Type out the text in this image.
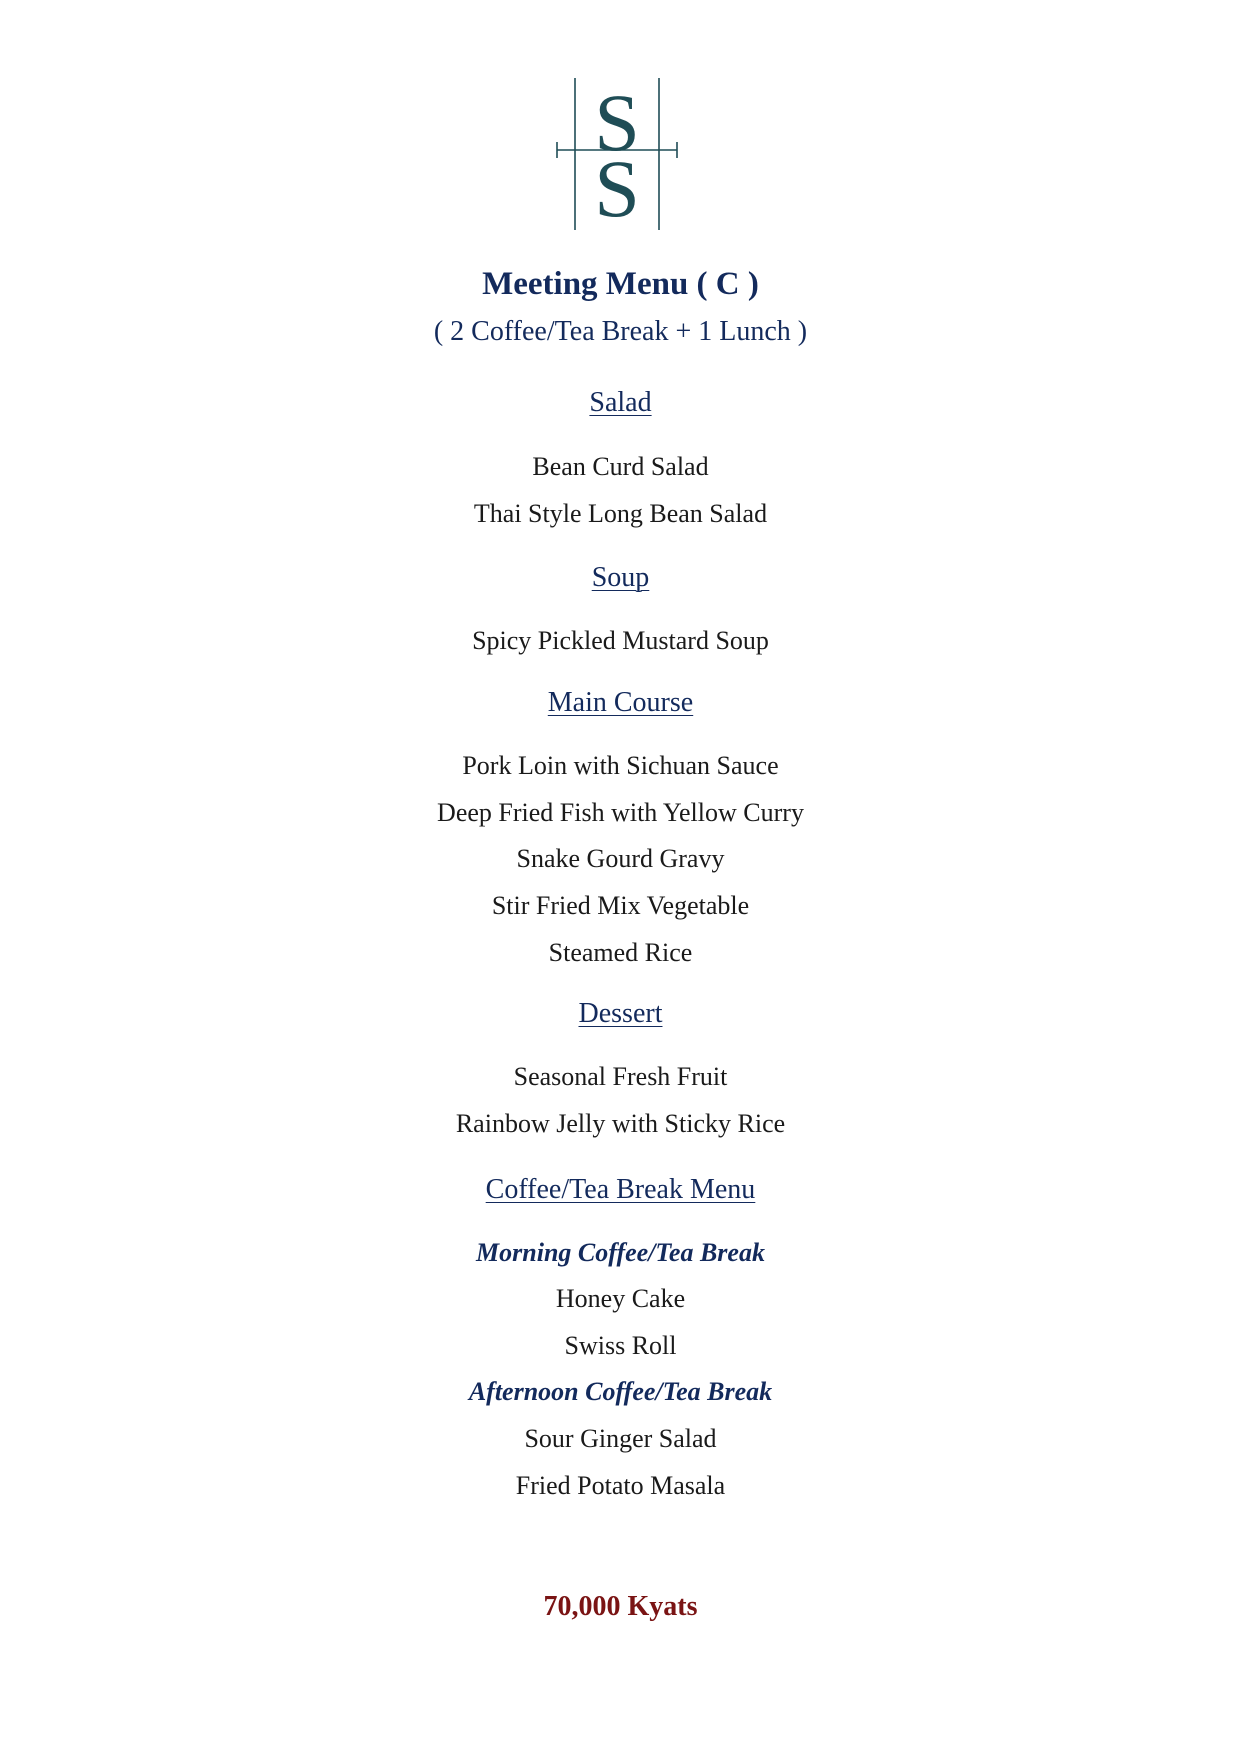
S
S
Meeting Menu ( C )
( 2 Coffee/Tea Break + 1 Lunch )
Salad
Bean Curd Salad
Thai Style Long Bean Salad
Soup
Spicy Pickled Mustard Soup
Main Course
Pork Loin with Sichuan Sauce
Deep Fried Fish with Yellow Curry
Snake Gourd Gravy
Stir Fried Mix Vegetable
Steamed Rice
Dessert
Seasonal Fresh Fruit
Rainbow Jelly with Sticky Rice
Coffee/Tea Break Menu
Morning Coffee/Tea Break
Honey Cake
Swiss Roll
Afternoon Coffee/Tea Break
Sour Ginger Salad
Fried Potato Masala
70,000 Kyats
